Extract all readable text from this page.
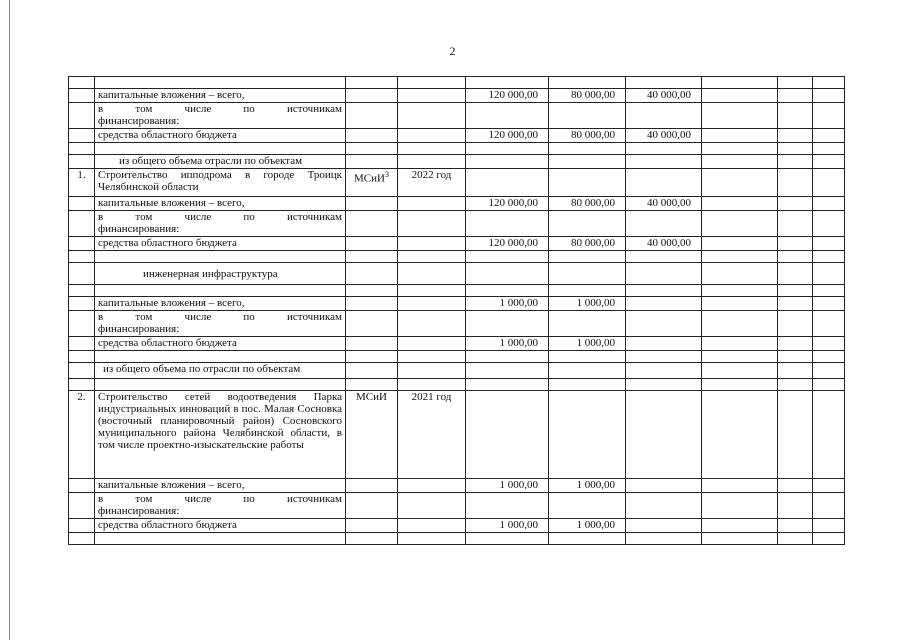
2

	капитальные вложения – всего,			120 000,00	80 000,00	40 000,00			

	в том числе по источникам
финансирования:								

	средства областного бюджета			120 000,00	80 000,00	40 000,00			

	из общего объема отрасли по объектам								
1.	Строительство ипподрома в городе Троицк
Челябинской области	МСиИ$^3$	2022 год						
	капитальные вложения – всего,			120 000,00	80 000,00	40 000,00			

	в том числе по источникам
финансирования:								

	средства областного бюджета			120 000,00	80 000,00	40 000,00			

	инженерная инфраструктура								

	капитальные вложения – всего,			1 000,00	1 000,00				

	в том числе по источникам
финансирования:								

	средства областного бюджета			1 000,00	1 000,00				

	из общего объема по отрасли по объектам								

2.	Строительство сетей водоотведения Парка индустриальных инноваций в пос. Малая Сосновка (восточный планировочный район) Сосновского муниципального района Челябинской области, в том числе проектно-изыскательские работы	МСиИ	2021 год						
	капитальные вложения – всего,			1 000,00	1 000,00				

	в том числе по источникам
финансирования:								

	средства областного бюджета			1 000,00	1 000,00				
